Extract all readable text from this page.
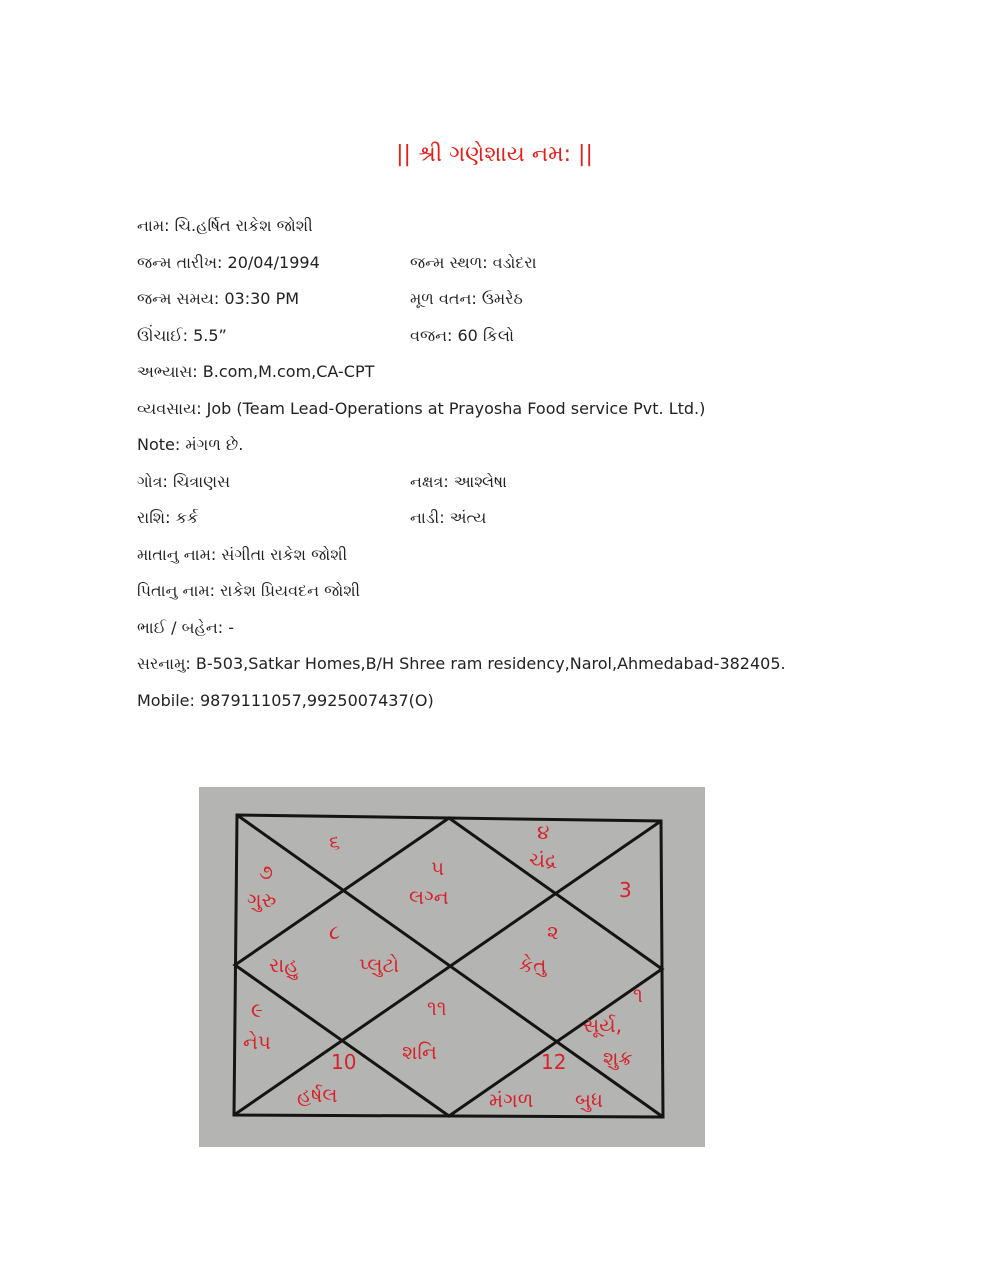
|| શ્રી ગણેશાય નમ: ||
નામ: ચિ.હર્ષિત રાકેશ જોશી
જન્મ તારીખ: 20/04/1994	જન્મ સ્થળ: વડોદરા
જન્મ સમય: 03:30 PM	મૂળ વતન: ઉમરેઠ
ઊંચાઈ: 5.5”	વજન: 60 કિલો
અભ્યાસ: B.com,M.com,CA-CPT
વ્યવસાય: Job (Team Lead-Operations at Prayosha Food service Pvt. Ltd.)
Note: મંગળ છે.
ગોત્ર: ચિત્રાણસ	નક્ષત્ર: આશ્લેષા
રાશિ: કર્ક	નાડી: અંત્ય
માતાનુ નામ: સંગીતા રાકેશ જોશી
પિતાનુ નામ: રાકેશ પ્રિયવદન જોશી
ભાઈ / બહેન: -
સરનામુ: B-503,Satkar Homes,B/H Shree ram residency,Narol,Ahmedabad-382405.
Mobile: 9879111057,9925007437(O)
૬	૪
ચંદ્ર
૭
ગુરુ
૫
લગ્ન	3
૮	૨
રાહુ	પ્લુટો	કેતુ
૯	૧૧
૧
સૂર્ય,
નેપ	શનિ
10	12 શુક્ર
હર્ષલ	મંગળ બુધ
